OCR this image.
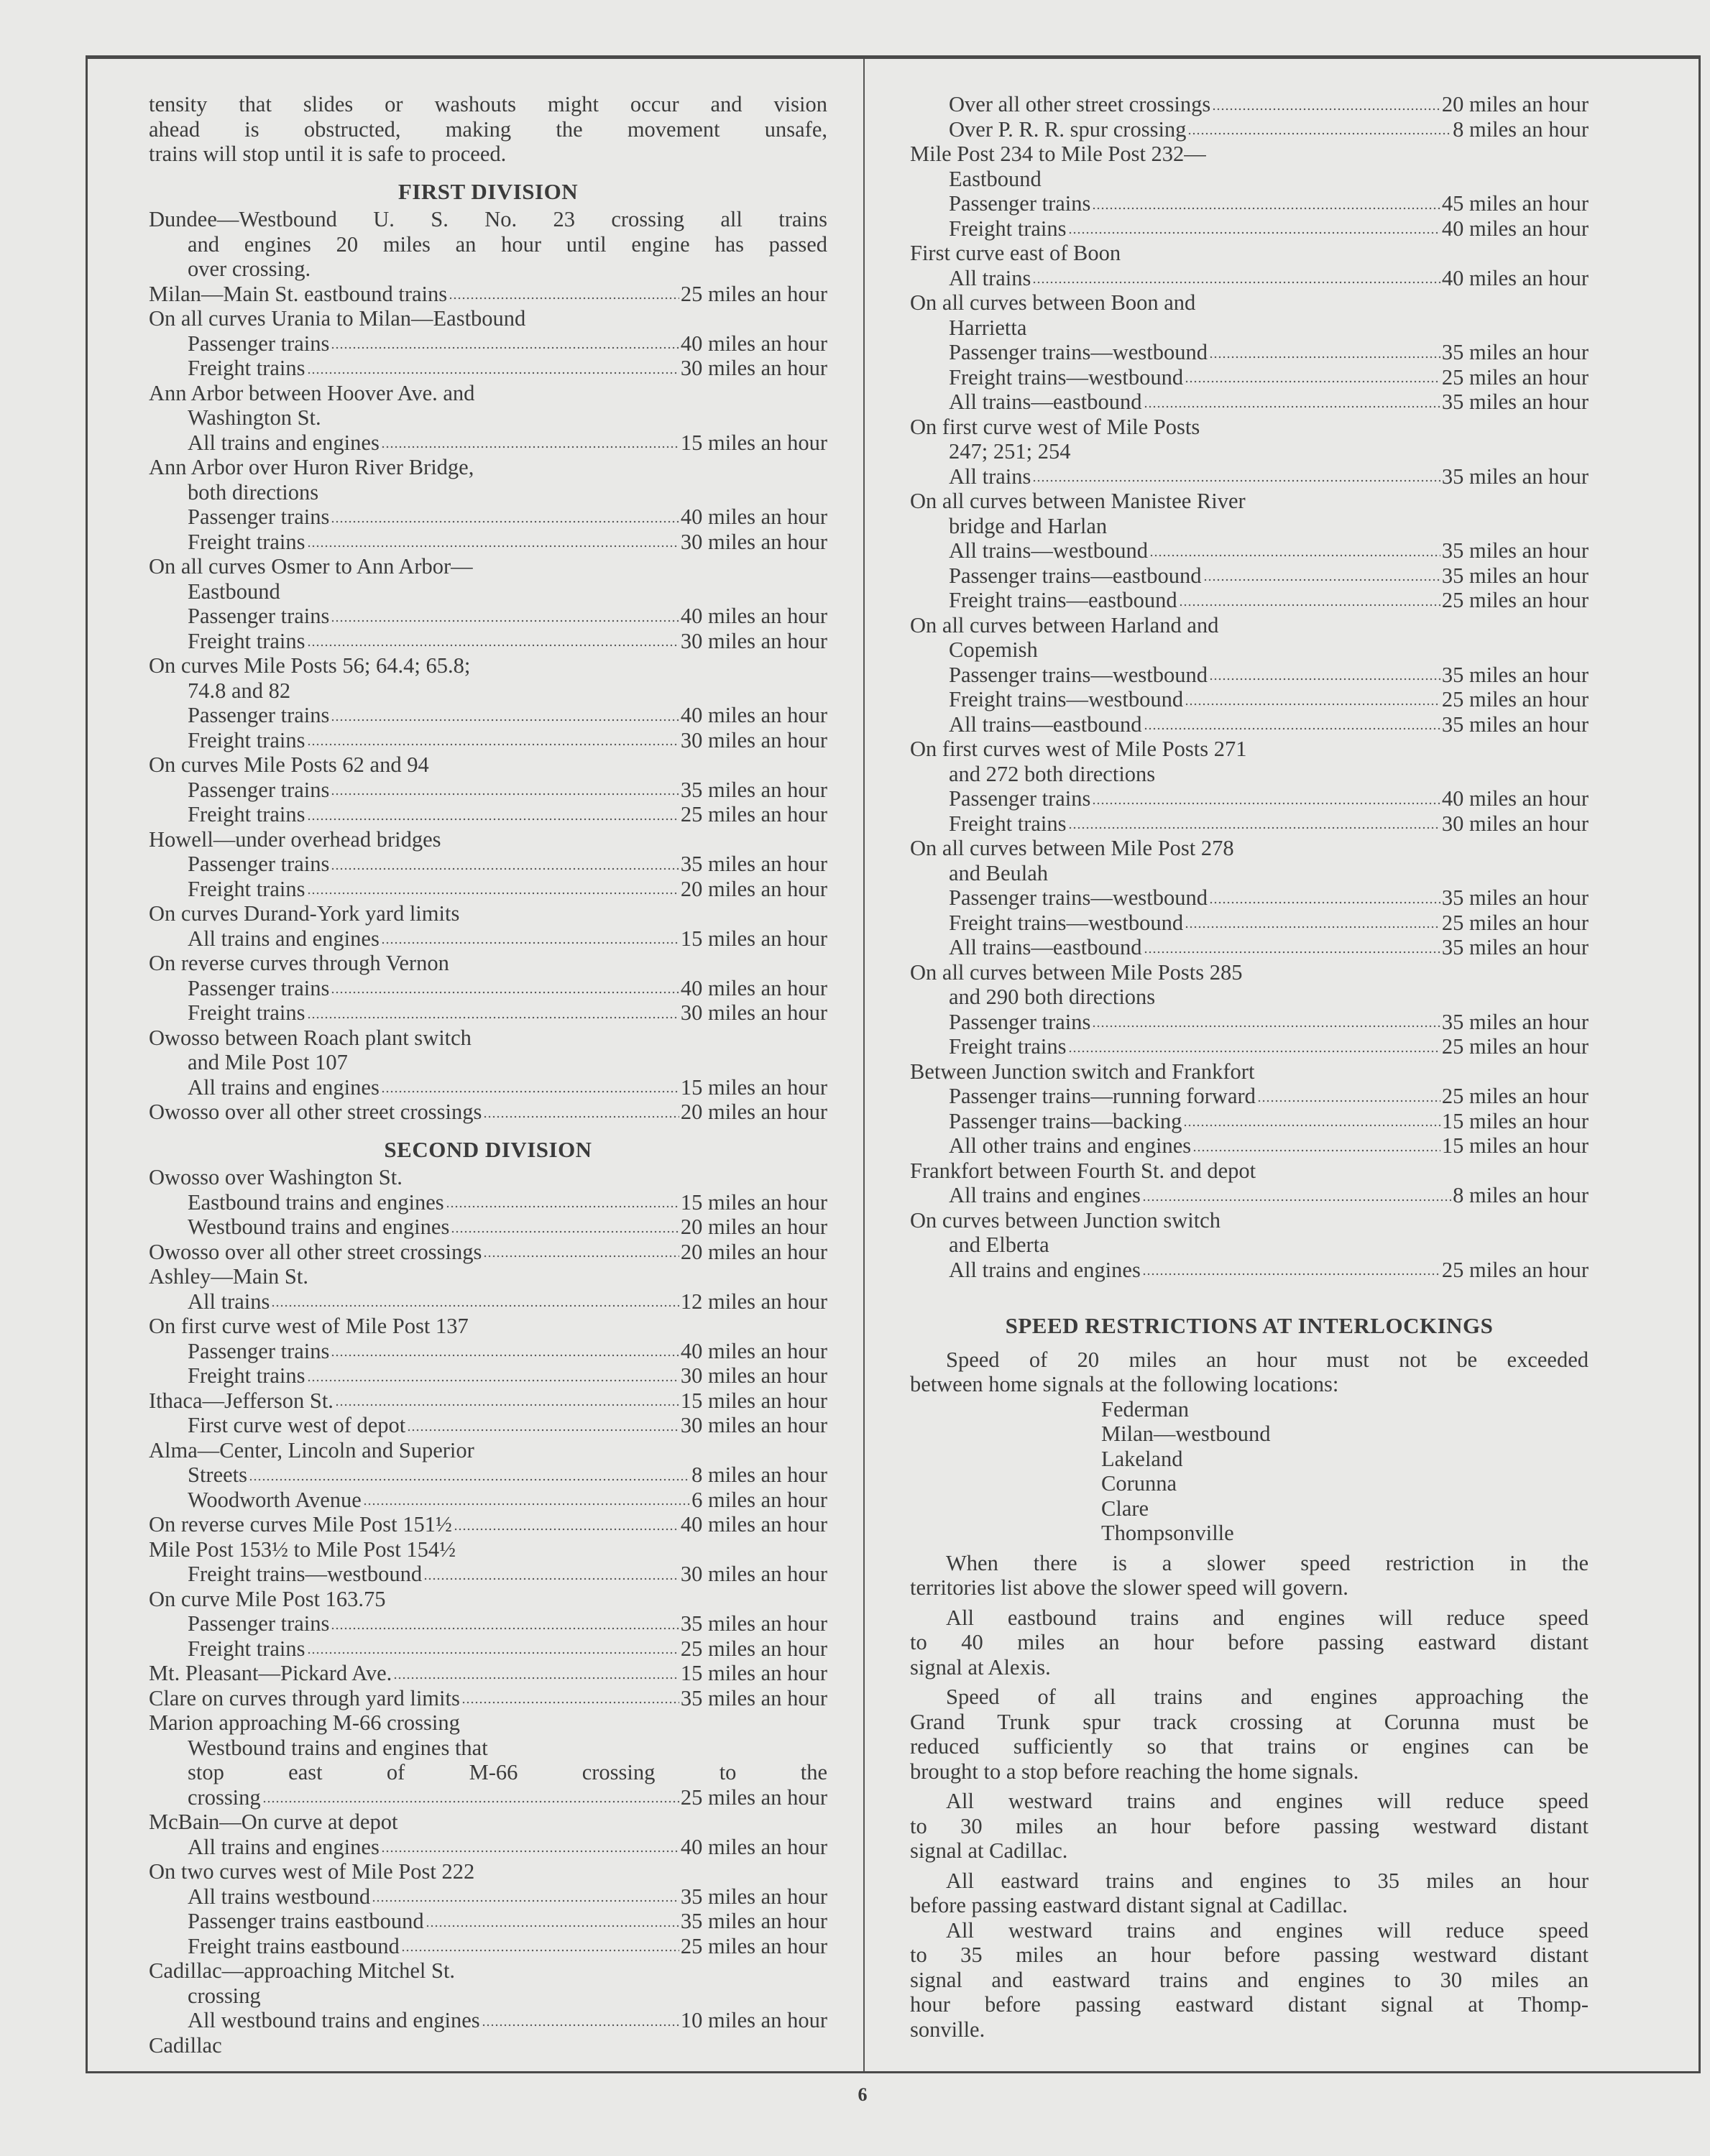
tensity that slides or washouts might occur and vision
ahead is obstructed, making the movement unsafe,
trains will stop until it is safe to proceed.
FIRST DIVISION
Dundee—Westbound U. S. No. 23 crossing all trains
and engines 20 miles an hour until engine has passed
over crossing.
Milan—Main St. eastbound trains	25 miles an hour
On all curves Urania to Milan—Eastbound
Passenger trains	40 miles an hour
Freight trains	30 miles an hour
Ann Arbor between Hoover Ave. and
Washington St.
All trains and engines	15 miles an hour
Ann Arbor over Huron River Bridge,
both directions
Passenger trains	40 miles an hour
Freight trains	30 miles an hour
On all curves Osmer to Ann Arbor—
Eastbound
Passenger trains	40 miles an hour
Freight trains	30 miles an hour
On curves Mile Posts 56; 64.4; 65.8;
74.8 and 82
Passenger trains	40 miles an hour
Freight trains	30 miles an hour
On curves Mile Posts 62 and 94
Passenger trains	35 miles an hour
Freight trains	25 miles an hour
Howell—under overhead bridges
Passenger trains	35 miles an hour
Freight trains	20 miles an hour
On curves Durand-York yard limits
All trains and engines	15 miles an hour
On reverse curves through Vernon
Passenger trains	40 miles an hour
Freight trains	30 miles an hour
Owosso between Roach plant switch
and Mile Post 107
All trains and engines	15 miles an hour
Owosso over all other street crossings	20 miles an hour
SECOND DIVISION
Owosso over Washington St.
Eastbound trains and engines	15 miles an hour
Westbound trains and engines	20 miles an hour
Owosso over all other street crossings	20 miles an hour
Ashley—Main St.
All trains	12 miles an hour
On first curve west of Mile Post 137
Passenger trains	40 miles an hour
Freight trains	30 miles an hour
Ithaca—Jefferson St.	15 miles an hour
First curve west of depot	30 miles an hour
Alma—Center, Lincoln and Superior
Streets	8 miles an hour
Woodworth Avenue	6 miles an hour
On reverse curves Mile Post 151½	40 miles an hour
Mile Post 153½ to Mile Post 154½
Freight trains—westbound	30 miles an hour
On curve Mile Post 163.75
Passenger trains	35 miles an hour
Freight trains	25 miles an hour
Mt. Pleasant—Pickard Ave.	15 miles an hour
Clare on curves through yard limits	35 miles an hour
Marion approaching M-66 crossing
Westbound trains and engines that
stop east of M-66 crossing to the
crossing	25 miles an hour
McBain—On curve at depot
All trains and engines	40 miles an hour
On two curves west of Mile Post 222
All trains westbound	35 miles an hour
Passenger trains eastbound	35 miles an hour
Freight trains eastbound	25 miles an hour
Cadillac—approaching Mitchel St.
crossing
All westbound trains and engines	10 miles an hour
Cadillac
Over all other street crossings	20 miles an hour
Over P. R. R. spur crossing	8 miles an hour
Mile Post 234 to Mile Post 232—
Eastbound
Passenger trains	45 miles an hour
Freight trains	40 miles an hour
First curve east of Boon
All trains	40 miles an hour
On all curves between Boon and
Harrietta
Passenger trains—westbound	35 miles an hour
Freight trains—westbound	25 miles an hour
All trains—eastbound	35 miles an hour
On first curve west of Mile Posts
247; 251; 254
All trains	35 miles an hour
On all curves between Manistee River
bridge and Harlan
All trains—westbound	35 miles an hour
Passenger trains—eastbound	35 miles an hour
Freight trains—eastbound	25 miles an hour
On all curves between Harland and
Copemish
Passenger trains—westbound	35 miles an hour
Freight trains—westbound	25 miles an hour
All trains—eastbound	35 miles an hour
On first curves west of Mile Posts 271
and 272 both directions
Passenger trains	40 miles an hour
Freight trains	30 miles an hour
On all curves between Mile Post 278
and Beulah
Passenger trains—westbound	35 miles an hour
Freight trains—westbound	25 miles an hour
All trains—eastbound	35 miles an hour
On all curves between Mile Posts 285
and 290 both directions
Passenger trains	35 miles an hour
Freight trains	25 miles an hour
Between Junction switch and Frankfort
Passenger trains—running forward	25 miles an hour
Passenger trains—backing	15 miles an hour
All other trains and engines	15 miles an hour
Frankfort between Fourth St. and depot
All trains and engines	8 miles an hour
On curves between Junction switch
and Elberta
All trains and engines	25 miles an hour
SPEED RESTRICTIONS AT INTERLOCKINGS
Speed of 20 miles an hour must not be exceeded
between home signals at the following locations:
Federman
Milan—westbound
Lakeland
Corunna
Clare
Thompsonville
When there is a slower speed restriction in the
territories list above the slower speed will govern.
All eastbound trains and engines will reduce speed
to 40 miles an hour before passing eastward distant
signal at Alexis.
Speed of all trains and engines approaching the
Grand Trunk spur track crossing at Corunna must be
reduced sufficiently so that trains or engines can be
brought to a stop before reaching the home signals.
All westward trains and engines will reduce speed
to 30 miles an hour before passing westward distant
signal at Cadillac.
All eastward trains and engines to 35 miles an hour
before passing eastward distant signal at Cadillac.
All westward trains and engines will reduce speed
to 35 miles an hour before passing westward distant
signal and eastward trains and engines to 30 miles an
hour before passing eastward distant signal at Thomp-
sonville.
6
